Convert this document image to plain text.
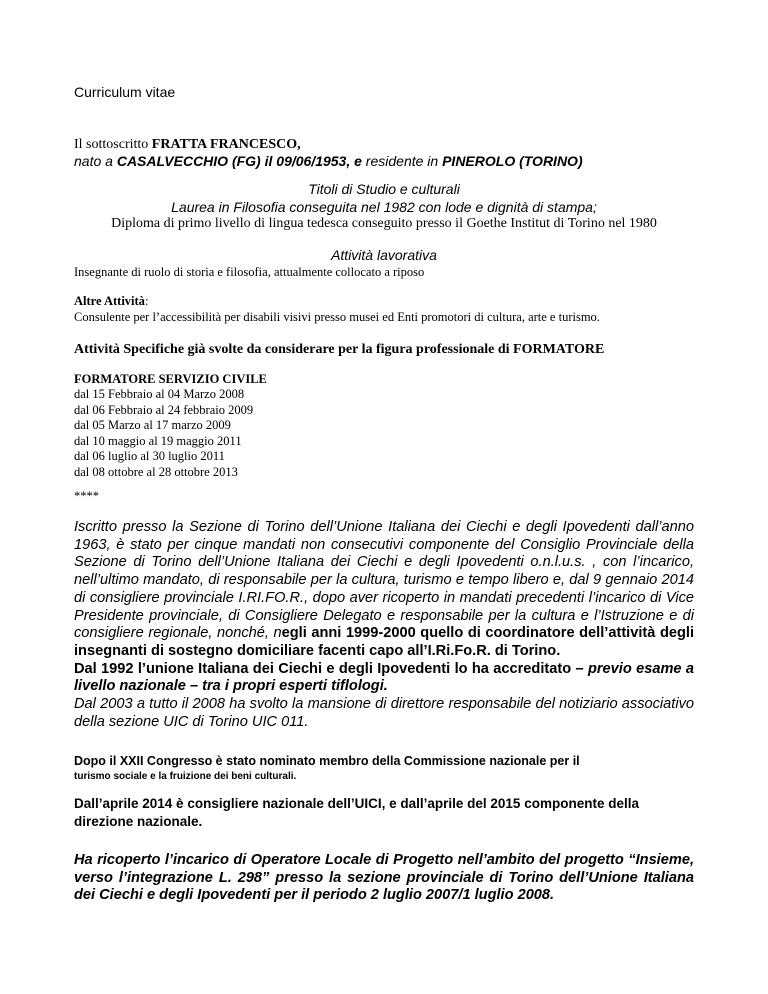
Curriculum vitae
Il sottoscritto FRATTA FRANCESCO,
nato a CASALVECCHIO (FG) il 09/06/1953, e residente in PINEROLO (TORINO)
Titoli di Studio e culturali
Laurea in Filosofia conseguita nel 1982 con lode e dignità di stampa;
Diploma di primo livello di lingua tedesca conseguito presso il Goethe Institut di Torino nel 1980
Attività lavorativa
Insegnante di ruolo di storia e filosofia, attualmente collocato a riposo
Altre Attività:
Consulente per l’accessibilità per disabili visivi presso musei ed Enti promotori di cultura, arte e turismo.
Attività Specifiche già svolte da considerare per la figura professionale di FORMATORE
FORMATORE SERVIZIO CIVILE
dal 15 Febbraio al 04 Marzo 2008
dal 06 Febbraio al 24 febbraio 2009
dal 05 Marzo al 17 marzo 2009
dal 10 maggio al 19 maggio 2011
dal 06 luglio al 30 luglio 2011
dal 08 ottobre al 28 ottobre 2013
****
Iscritto presso la Sezione di Torino dell’Unione Italiana dei Ciechi e degli Ipovedenti dall’anno 1963, è stato per cinque mandati non consecutivi componente del Consiglio Provinciale della Sezione di Torino dell’Unione Italiana dei Ciechi e degli Ipovedenti o.n.l.u.s. , con l’incarico, nell’ultimo mandato, di responsabile per la cultura, turismo e tempo libero e, dal 9 gennaio 2014 di consigliere provinciale I.RI.FO.R., dopo aver ricoperto in mandati precedenti l’incarico di Vice Presidente provinciale, di Consigliere Delegato e responsabile per la cultura e l’Istruzione e di consigliere regionale, nonché, negli anni 1999-2000 quello di coordinatore dell’attività degli insegnanti di sostegno domiciliare facenti capo all’I.Ri.Fo.R. di Torino.
Dal 1992 l’unione Italiana dei Ciechi e degli Ipovedenti lo ha accreditato – previo esame a livello nazionale – tra i propri esperti tiflologi.
Dal 2003 a tutto il 2008 ha svolto la mansione di direttore responsabile del notiziario associativo della sezione UIC di Torino UIC 011.
Dopo il XXII Congresso è stato nominato membro della Commissione nazionale per il
turismo sociale e la fruizione dei beni culturali.
Dall’aprile 2014 è consigliere nazionale dell’UICI, e dall’aprile del 2015 componente della direzione nazionale.
Ha ricoperto l’incarico di Operatore Locale di Progetto nell’ambito del progetto “Insieme, verso l’integrazione L. 298” presso la sezione provinciale di Torino dell’Unione Italiana dei Ciechi e degli Ipovedenti per il periodo 2 luglio 2007/1 luglio 2008.
